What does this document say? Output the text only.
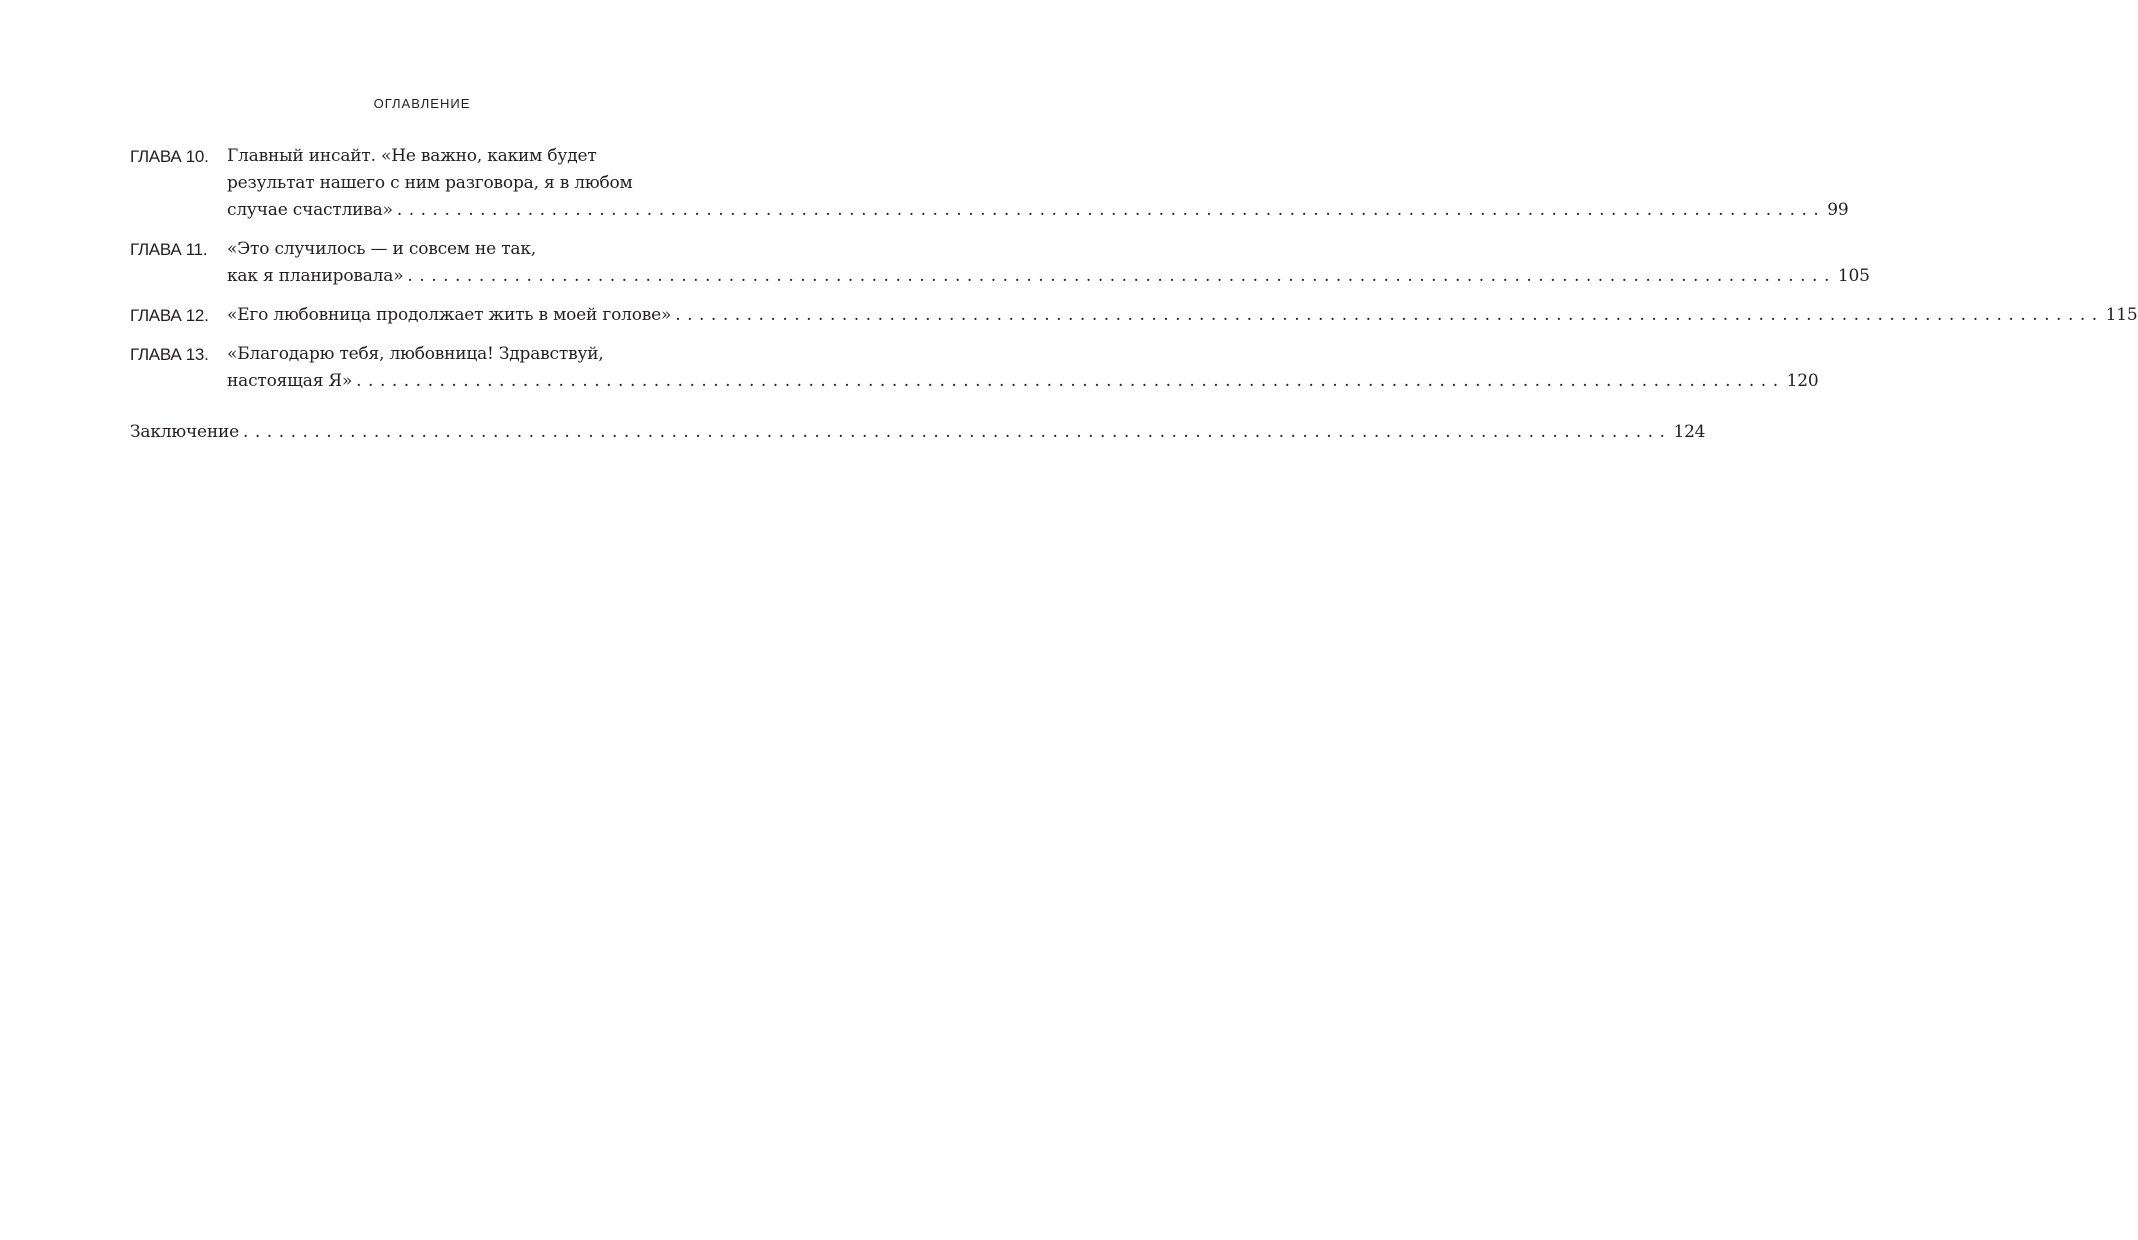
ОГЛАВЛЕНИЕ
ГЛАВА 10.	Главный инсайт. «Не важно, каким будет
результат нашего с ним разговора, я в любом
случае счастлива» ........................................................................................................................ 99
ГЛАВА 11.	«Это случилось — и совсем не так,
как я планировала» ........................................................................................................................ 105
ГЛАВА 12.	«Его любовница продолжает жить в моей голове» ........................................................................................................................ 115
ГЛАВА 13.	«Благодарю тебя, любовница! Здравствуй,
настоящая Я» ........................................................................................................................ 120
Заключение ........................................................................................................................ 124
